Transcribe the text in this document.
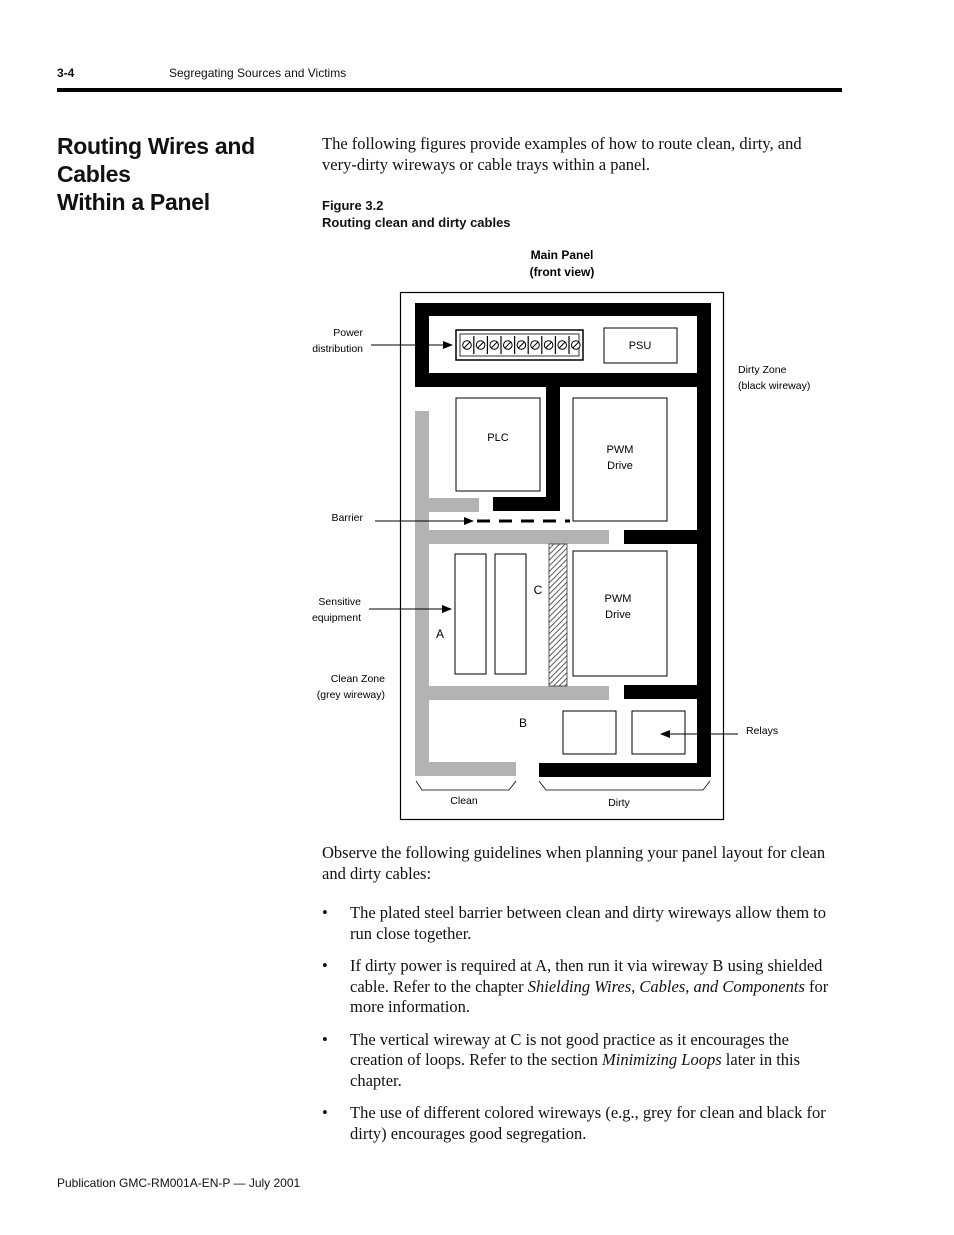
3-4	Segregating Sources and Victims
Routing Wires and Cables
Within a Panel
The following figures provide examples of how to route clean, dirty, and very-dirty wireways or cable trays within a panel.
Figure 3.2
Routing clean and dirty cables
Main Panel
(front view)
PSU
PLC
PWM
Drive
PWM
Drive
A
B
C
Power
distribution
Dirty Zone
(black wireway)
Barrier
Sensitive
equipment
Clean Zone
(grey wireway)
Relays
Clean	Dirty
Observe the following guidelines when planning your panel layout for clean and dirty cables:
• The plated steel barrier between clean and dirty wireways allow them to run close together.
• If dirty power is required at A, then run it via wireway B using shielded cable. Refer to the chapter Shielding Wires, Cables, and Components for more information.
• The vertical wireway at C is not good practice as it encourages the creation of loops. Refer to the section Minimizing Loops later in this chapter.
• The use of different colored wireways (e.g., grey for clean and black for dirty) encourages good segregation.
Publication GMC-RM001A-EN-P — July 2001
